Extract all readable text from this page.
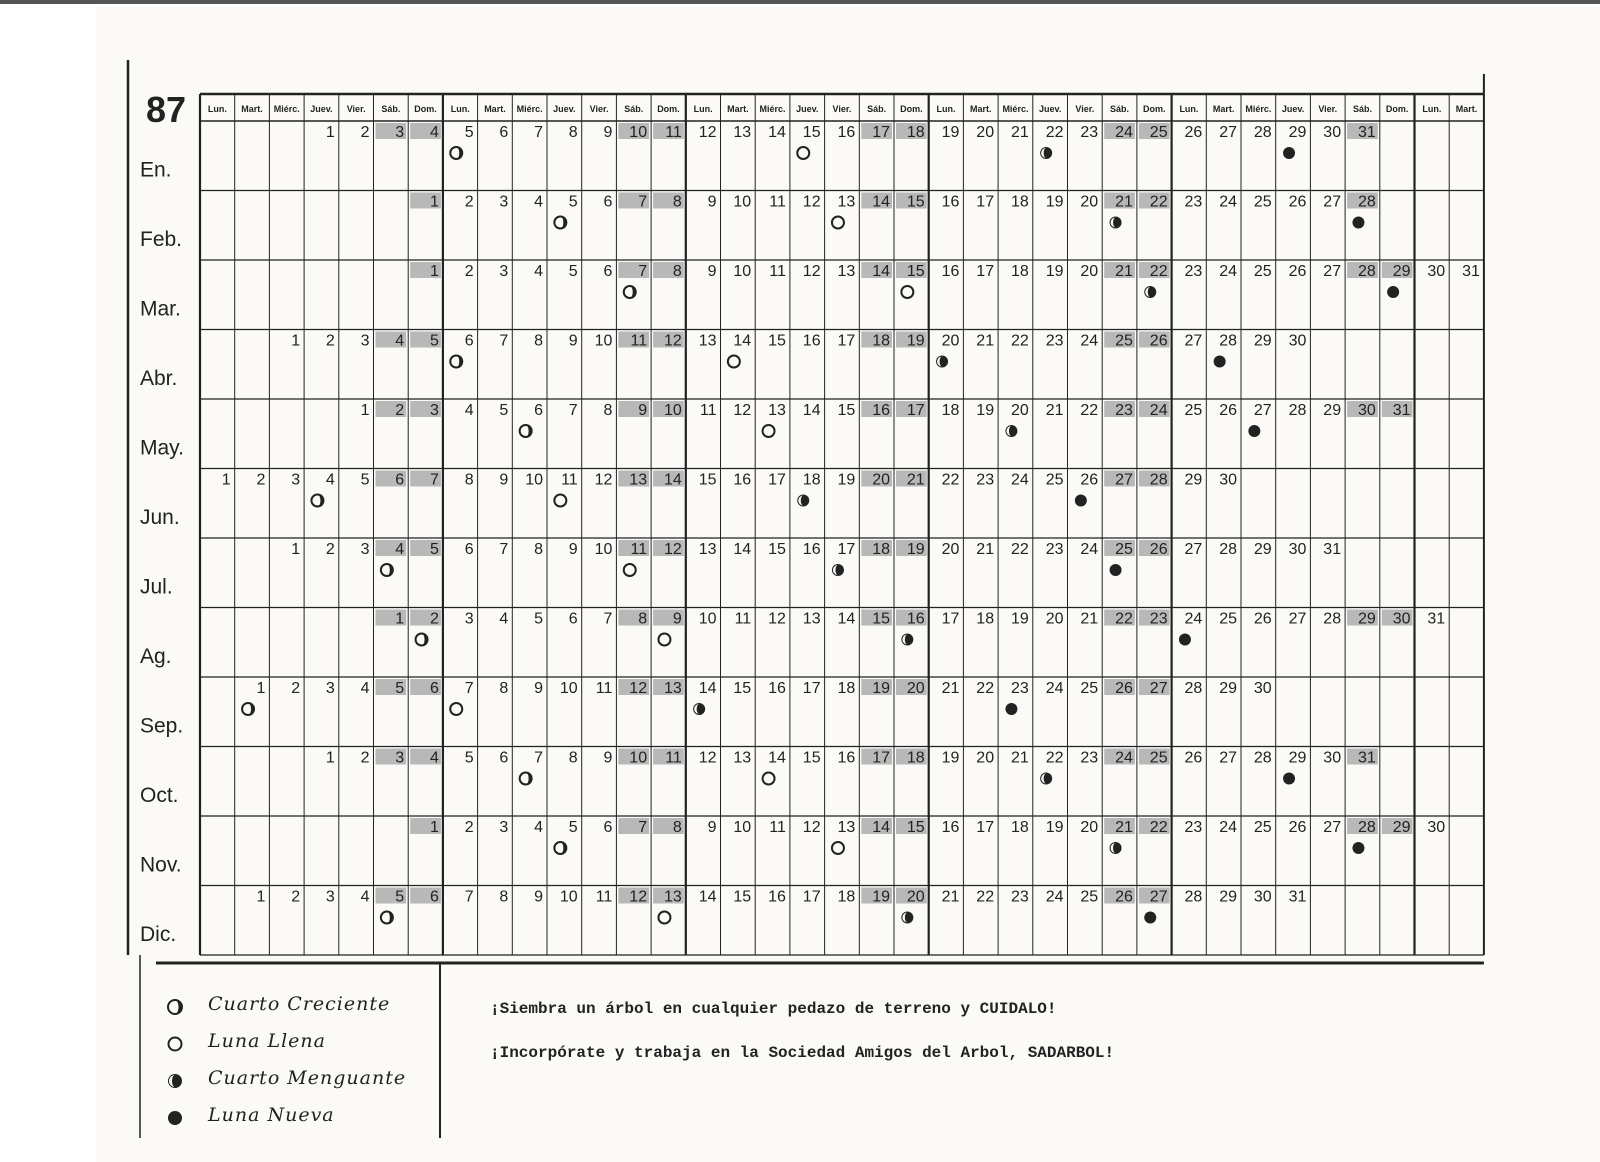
87 Lun. Mart. Miérc. Juev. Vier. Sáb. Dom. Lun. Mart. Miérc. Juev. Vier. Sáb. Dom. Lun. Mart. Miérc. Juev. Vier. Sáb. Dom. Lun. Mart. Miérc. Juev. Vier. Sáb. Dom. Lun. Mart. Miérc. Juev. Vier. Sáb. Dom. Lun. Mart.
En.
1 2 3 4 5 6 7 8 9 10 11 12 13 14 15 16 17 18 19 20 21 22 23 24 25 26 27 28 29 30 31
Feb.
1 2 3 4 5 6 7 8 9 10 11 12 13 14 15 16 17 18 19 20 21 22 23 24 25 26 27 28
Mar.
1 2 3 4 5 6 7 8 9 10 11 12 13 14 15 16 17 18 19 20 21 22 23 24 25 26 27 28 29 30 31
Abr.
1 2 3 4 5 6 7 8 9 10 11 12 13 14 15 16 17 18 19 20 21 22 23 24 25 26 27 28 29 30
May.
1 2 3 4 5 6 7 8 9 10 11 12 13 14 15 16 17 18 19 20 21 22 23 24 25 26 27 28 29 30 31
Jun.
1 2 3 4 5 6 7 8 9 10 11 12 13 14 15 16 17 18 19 20 21 22 23 24 25 26 27 28 29 30
Jul.
1 2 3 4 5 6 7 8 9 10 11 12 13 14 15 16 17 18 19 20 21 22 23 24 25 26 27 28 29 30 31
Ag.
1 2 3 4 5 6 7 8 9 10 11 12 13 14 15 16 17 18 19 20 21 22 23 24 25 26 27 28 29 30 31
Sep.
1 2 3 4 5 6 7 8 9 10 11 12 13 14 15 16 17 18 19 20 21 22 23 24 25 26 27 28 29 30
Oct.
1 2 3 4 5 6 7 8 9 10 11 12 13 14 15 16 17 18 19 20 21 22 23 24 25 26 27 28 29 30 31
Nov.
1 2 3 4 5 6 7 8 9 10 11 12 13 14 15 16 17 18 19 20 21 22 23 24 25 26 27 28 29 30
Dic.
1 2 3 4 5 6 7 8 9 10 11 12 13 14 15 16 17 18 19 20 21 22 23 24 25 26 27 28 29 30 31
Cuarto Creciente
Luna Llena
Cuarto Menguante
Luna Nueva
¡Siembra un árbol en cualquier pedazo de terreno y CUIDALO!
¡Incorpórate y trabaja en la Sociedad Amigos del Arbol, SADARBOL!
